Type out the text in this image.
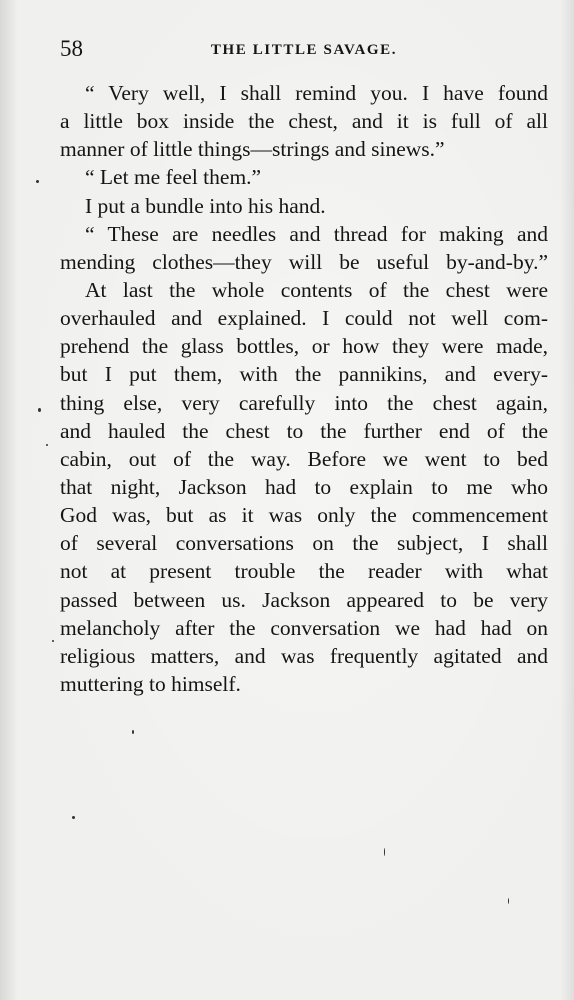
58	THE LITTLE SAVAGE.
“ Very well, I shall remind you. I have found
a little box inside the chest, and it is full of all
manner of little things—strings and sinews.”
“ Let me feel them.”
I put a bundle into his hand.
“ These are needles and thread for making and
mending clothes—they will be useful by-and-by.”
At last the whole contents of the chest were
overhauled and explained. I could not well com-
prehend the glass bottles, or how they were made,
but I put them, with the pannikins, and every-
thing else, very carefully into the chest again,
and hauled the chest to the further end of the
cabin, out of the way. Before we went to bed
that night, Jackson had to explain to me who
God was, but as it was only the commencement
of several conversations on the subject, I shall
not at present trouble the reader with what
passed between us. Jackson appeared to be very
melancholy after the conversation we had had on
religious matters, and was frequently agitated and
muttering to himself.
